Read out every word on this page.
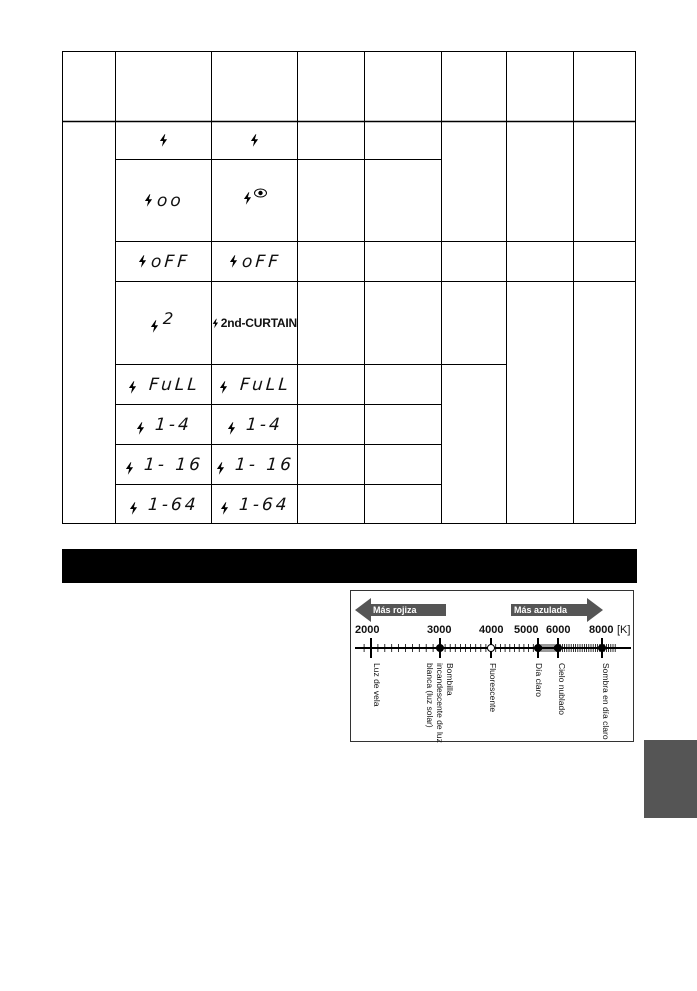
oo
oFF	oFF
2	2nd-CURTAIN
FuLL FuLL
1-4	1-4
1- 16 1- 16
1-64 1-64
Más rojiza	Más azulada
2000	3000	4000 5000 6000 8000 [K]
Luz de vela	Bombilla incandescente de luz blanca (luz solar)	Fluorescente	Día claro Cielo nublado	Sombra en día claro
